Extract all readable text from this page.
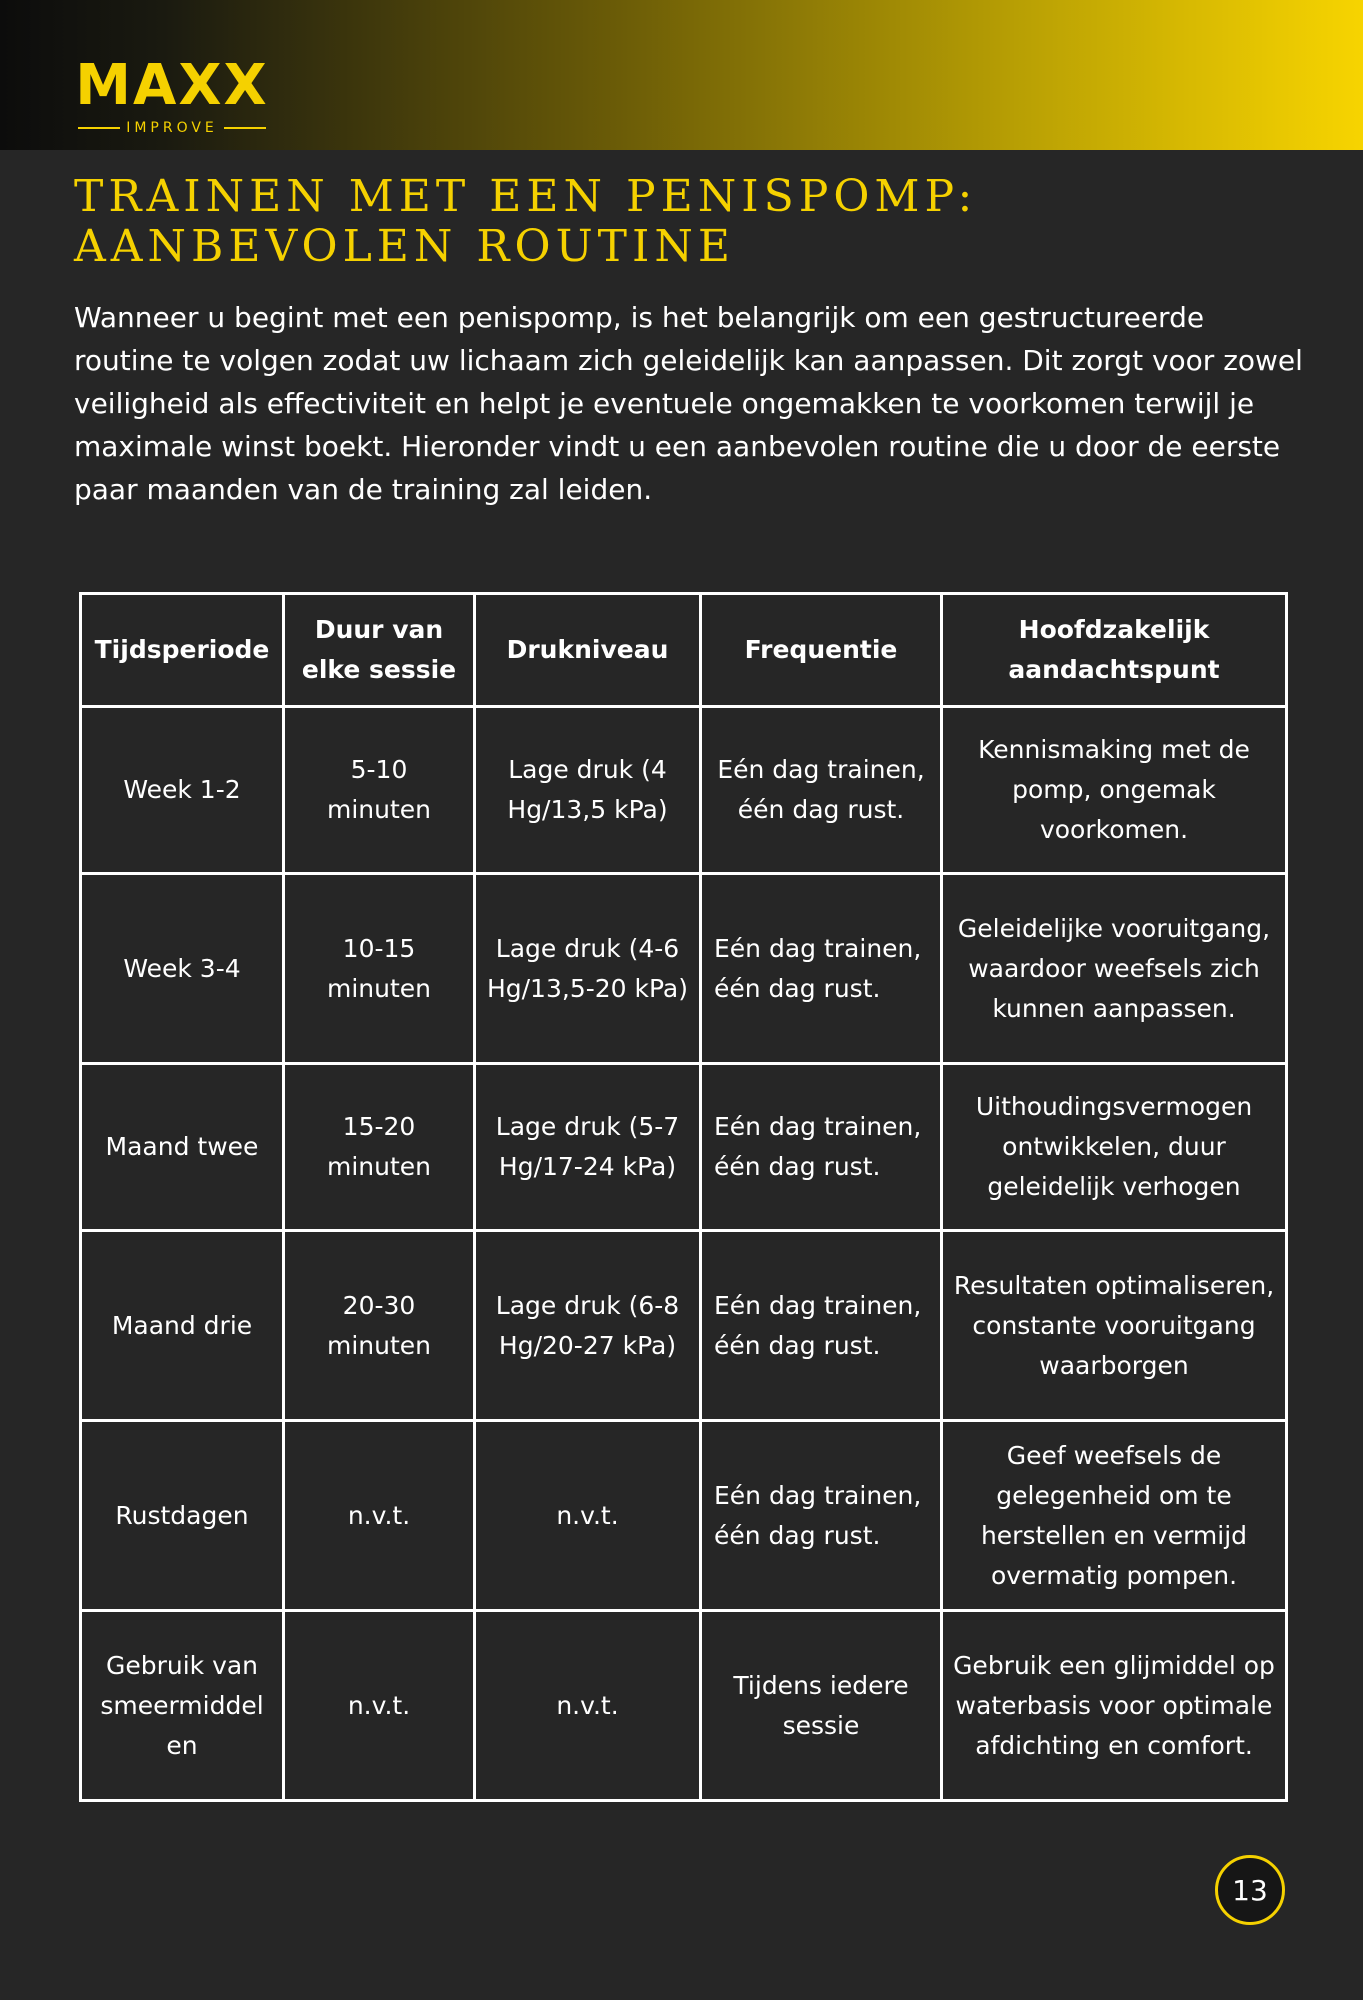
MAXX
IMPROVE
TRAINEN MET EEN PENISPOMP:
AANBEVOLEN ROUTINE

Wanneer u begint met een penispomp, is het belangrijk om een gestructureerde routine te volgen zodat uw lichaam zich geleidelijk kan aanpassen. Dit zorgt voor zowel veiligheid als effectiviteit en helpt je eventuele ongemakken te voorkomen terwijl je maximale winst boekt. Hieronder vindt u een aanbevolen routine die u door de eerste paar maanden van de training zal leiden.

Tijdsperiode	Duur van elke sessie	Drukniveau	Frequentie	Hoofdzakelijk aandachtspunt
Week 1-2	5-10 minuten	Lage druk (4 Hg/13,5 kPa)	Eén dag trainen, één dag rust.	Kennismaking met de pomp, ongemak voorkomen.
Week 3-4	10-15 minuten	Lage druk (4-6 Hg/13,5-20 kPa)	Eén dag trainen, één dag rust.	Geleidelijke vooruitgang, waardoor weefsels zich kunnen aanpassen.
Maand twee	15-20 minuten	Lage druk (5-7 Hg/17-24 kPa)	Eén dag trainen, één dag rust.	Uithoudingsvermogen ontwikkelen, duur geleidelijk verhogen
Maand drie	20-30 minuten	Lage druk (6-8 Hg/20-27 kPa)	Eén dag trainen, één dag rust.	Resultaten optimaliseren, constante vooruitgang waarborgen
Rustdagen	n.v.t.	n.v.t.	Eén dag trainen, één dag rust.	Geef weefsels de gelegenheid om te herstellen en vermijd overmatig pompen.
Gebruik van smeermiddel en	n.v.t.	n.v.t.	Tijdens iedere sessie	Gebruik een glijmiddel op waterbasis voor optimale afdichting en comfort.
13
